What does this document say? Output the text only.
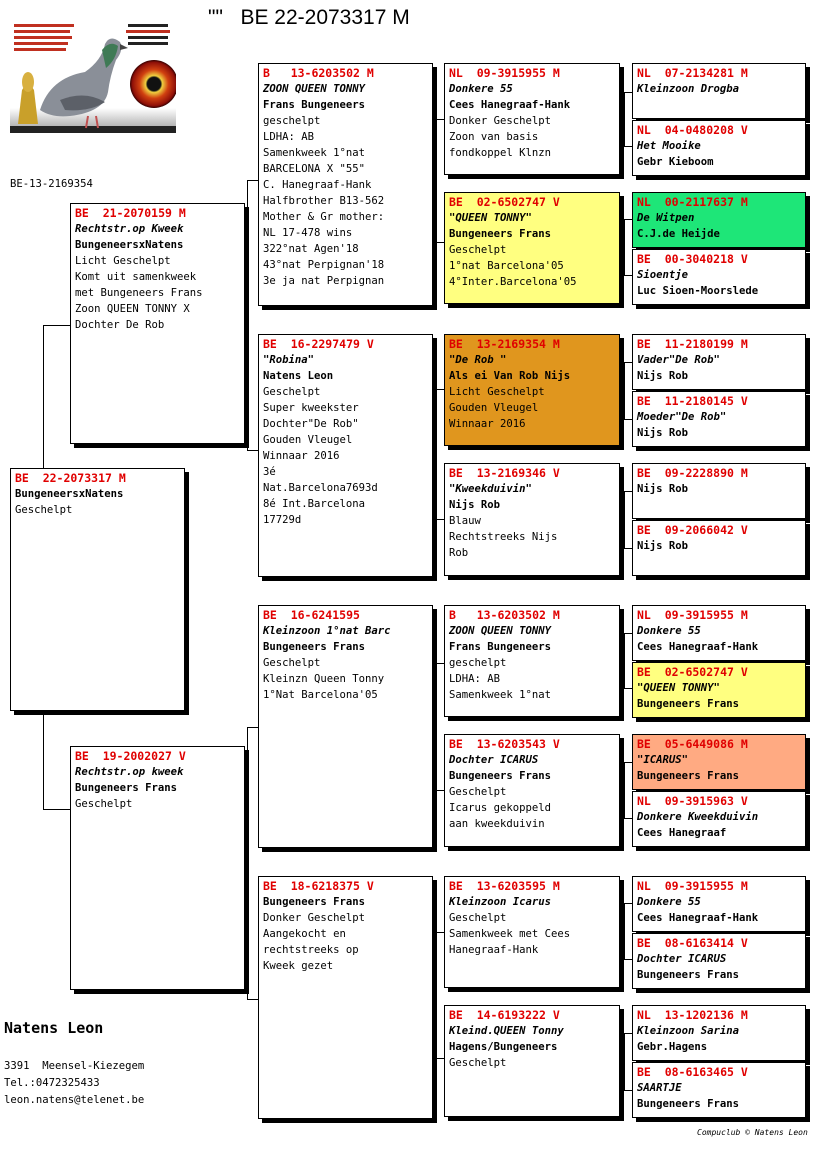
"" BE 22-2073317 M
BE-13-2169354
BE  22-2073317 M
BungeneersxNatens
Geschelpt
BE  21-2070159 M
Rechtstr.op Kweek
BungeneersxNatens
Licht Geschelpt
Komt uit samenkweek
met Bungeneers Frans
Zoon QUEEN TONNY X
Dochter De Rob
BE  19-2002027 V
Rechtstr.op kweek
Bungeneers Frans
Geschelpt
B   13-6203502 M
ZOON QUEEN TONNY
Frans Bungeneers
geschelpt
LDHA: AB
Samenkweek 1°nat
BARCELONA X "55"
C. Hanegraaf-Hank
Halfbrother B13-562
Mother & Gr mother:
NL 17-478 wins
322°nat Agen'18
43°nat Perpignan'18
3e ja nat Perpignan
BE  16-2297479 V
"Robina"
Natens Leon
Geschelpt
Super kweekster
Dochter"De Rob"
Gouden Vleugel
Winnaar 2016
3é
Nat.Barcelona7693d
8é Int.Barcelona
17729d
BE  16-6241595
Kleinzoon 1°nat Barc
Bungeneers Frans
Geschelpt
Kleinzn Queen Tonny
1°Nat Barcelona'05
BE  18-6218375 V
Bungeneers Frans
Donker Geschelpt
Aangekocht en
rechtstreeks op
Kweek gezet
NL  09-3915955 M
Donkere 55
Cees Hanegraaf-Hank
Donker Geschelpt
Zoon van basis
fondkoppel Klnzn
BE  02-6502747 V
"QUEEN TONNY"
Bungeneers Frans
Geschelpt
1°nat Barcelona'05
4°Inter.Barcelona'05
BE  13-2169354 M
"De Rob "
Als ei Van Rob Nijs
Licht Geschelpt
Gouden Vleugel
Winnaar 2016
BE  13-2169346 V
"Kweekduivin"
Nijs Rob
Blauw
Rechtstreeks Nijs
Rob
B   13-6203502 M
ZOON QUEEN TONNY
Frans Bungeneers
geschelpt
LDHA: AB
Samenkweek 1°nat
BE  13-6203543 V
Dochter ICARUS
Bungeneers Frans
Geschelpt
Icarus gekoppeld
aan kweekduivin
BE  13-6203595 M
Kleinzoon Icarus
Geschelpt
Samenkweek met Cees
Hanegraaf-Hank
BE  14-6193222 V
Kleind.QUEEN Tonny
Hagens/Bungeneers
Geschelpt
NL  07-2134281 M
Kleinzoon Drogba
NL  04-0480208 V
Het Mooike
Gebr Kieboom
NL  00-2117637 M
De Witpen
C.J.de Heijde
BE  00-3040218 V
Sioentje
Luc Sioen-Moorslede
BE  11-2180199 M
Vader"De Rob"
Nijs Rob
BE  11-2180145 V
Moeder"De Rob"
Nijs Rob
BE  09-2228890 M
Nijs Rob
BE  09-2066042 V
Nijs Rob
NL  09-3915955 M
Donkere 55
Cees Hanegraaf-Hank
BE  02-6502747 V
"QUEEN TONNY"
Bungeneers Frans
BE  05-6449086 M
"ICARUS"
Bungeneers Frans
NL  09-3915963 V
Donkere Kweekduivin
Cees Hanegraaf
NL  09-3915955 M
Donkere 55
Cees Hanegraaf-Hank
BE  08-6163414 V
Dochter ICARUS
Bungeneers Frans
NL  13-1202136 M
Kleinzoon Sarina
Gebr.Hagens
BE  08-6163465 V
SAARTJE
Bungeneers Frans
Natens Leon
3391  Meensel-Kiezegem
Tel.:0472325433
leon.natens@telenet.be
Compuclub © Natens Leon
